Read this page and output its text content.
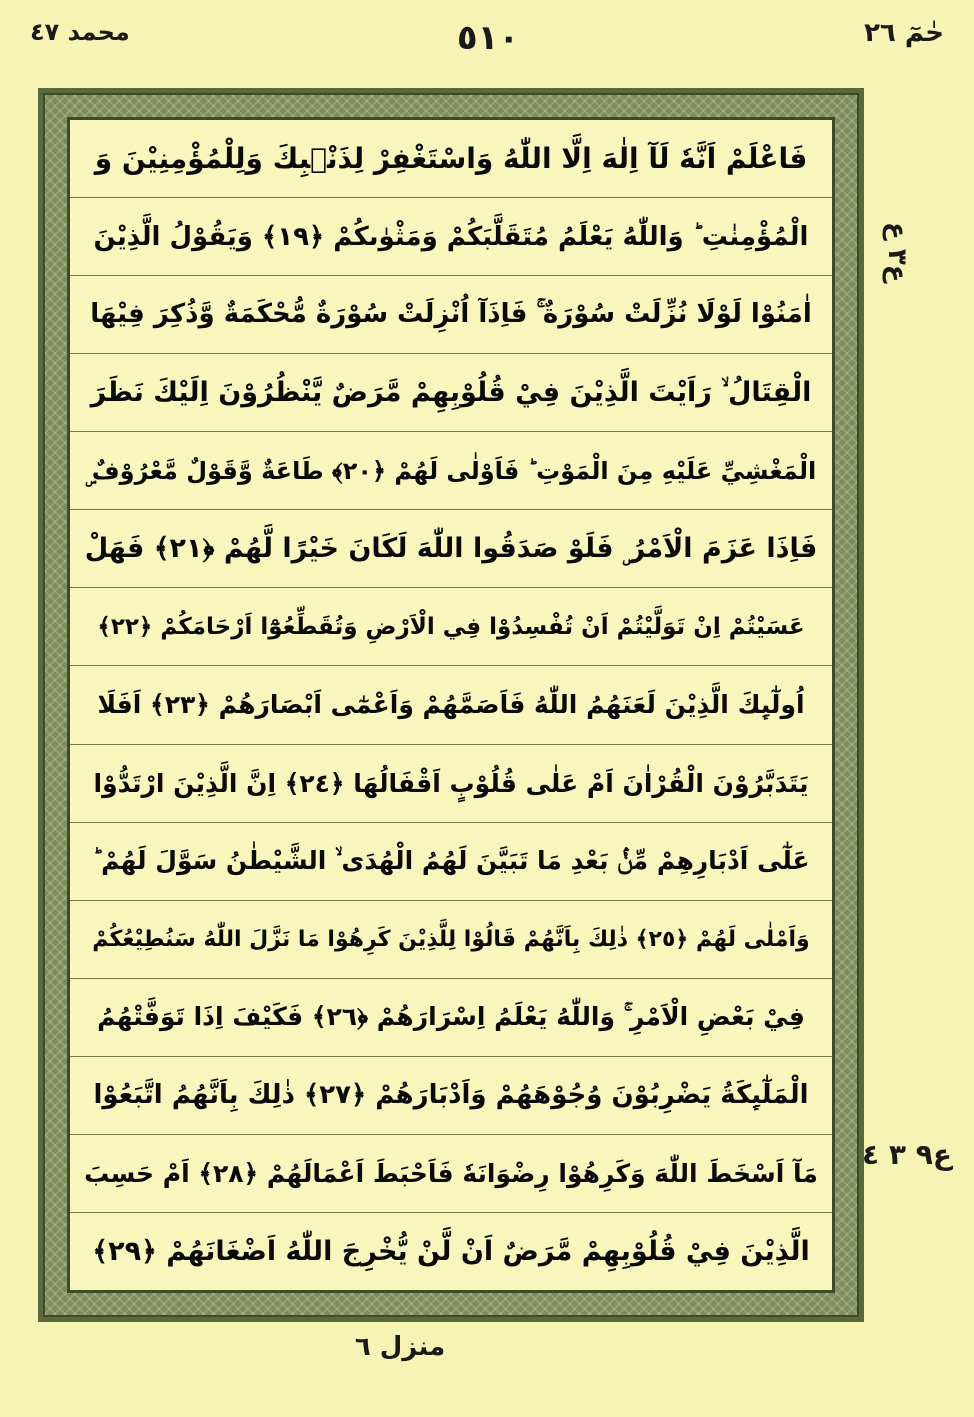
محمد ٤٧	٥١٠	حٰمٓ ٢٦
فَاعْلَمْ اَنَّهٗ لَآ اِلٰهَ اِلَّا اللّٰهُ وَاسْتَغْفِرْ لِذَنْۢبِكَ وَلِلْمُؤْمِنِيْنَ وَ
الْمُؤْمِنٰتِ ؕ وَاللّٰهُ يَعْلَمُ مُتَقَلَّبَكُمْ وَمَثْوٰىكُمْ ﴿١٩﴾ وَيَقُوْلُ الَّذِيْنَ
اٰمَنُوْا لَوْلَا نُزِّلَتْ سُوْرَةٌ ۚ فَاِذَآ اُنْزِلَتْ سُوْرَةٌ مُّحْكَمَةٌ وَّذُكِرَ فِيْهَا
الْقِتَالُ ۙ رَاَيْتَ الَّذِيْنَ فِيْ قُلُوْبِهِمْ مَّرَضٌ يَّنْظُرُوْنَ اِلَيْكَ نَظَرَ
الْمَغْشِيِّ عَلَيْهِ مِنَ الْمَوْتِ ؕ فَاَوْلٰى لَهُمْ ﴿٢٠﴾ طَاعَةٌ وَّقَوْلٌ مَّعْرُوْفٌ ۣ
فَاِذَا عَزَمَ الْاَمْرُ ۣ فَلَوْ صَدَقُوا اللّٰهَ لَكَانَ خَيْرًا لَّهُمْ ﴿٢١﴾ فَهَلْ
عَسَيْتُمْ اِنْ تَوَلَّيْتُمْ اَنْ تُفْسِدُوْا فِي الْاَرْضِ وَتُقَطِّعُوْٓا اَرْحَامَكُمْ ﴿٢٢﴾
اُولٰٓىِٕكَ الَّذِيْنَ لَعَنَهُمُ اللّٰهُ فَاَصَمَّهُمْ وَاَعْمٰٓى اَبْصَارَهُمْ ﴿٢٣﴾ اَفَلَا
يَتَدَبَّرُوْنَ الْقُرْاٰنَ اَمْ عَلٰى قُلُوْبٍ اَقْفَالُهَا ﴿٢٤﴾ اِنَّ الَّذِيْنَ ارْتَدُّوْا
عَلٰٓى اَدْبَارِهِمْ مِّنْۢ بَعْدِ مَا تَبَيَّنَ لَهُمُ الْهُدَى ۙ الشَّيْطٰنُ سَوَّلَ لَهُمْ ؕ
وَاَمْلٰى لَهُمْ ﴿٢٥﴾ ذٰلِكَ بِاَنَّهُمْ قَالُوْا لِلَّذِيْنَ كَرِهُوْا مَا نَزَّلَ اللّٰهُ سَنُطِيْعُكُمْ
فِيْ بَعْضِ الْاَمْرِ ۚ وَاللّٰهُ يَعْلَمُ اِسْرَارَهُمْ ﴿٢٦﴾ فَكَيْفَ اِذَا تَوَفَّتْهُمُ
الْمَلٰٓىِٕكَةُ يَضْرِبُوْنَ وُجُوْهَهُمْ وَاَدْبَارَهُمْ ﴿٢٧﴾ ذٰلِكَ بِاَنَّهُمُ اتَّبَعُوْا
مَآ اَسْخَطَ اللّٰهَ وَكَرِهُوْا رِضْوَانَهٗ فَاَحْبَطَ اَعْمَالَهُمْ ﴿٢٨﴾ اَمْ حَسِبَ
الَّذِيْنَ فِيْ قُلُوْبِهِمْ مَّرَضٌ اَنْ لَّنْ يُّخْرِجَ اللّٰهُ اَضْغَانَهُمْ ﴿٢٩﴾
ع٣ ع
ع٩ ٣ ٤
منزل ٦
